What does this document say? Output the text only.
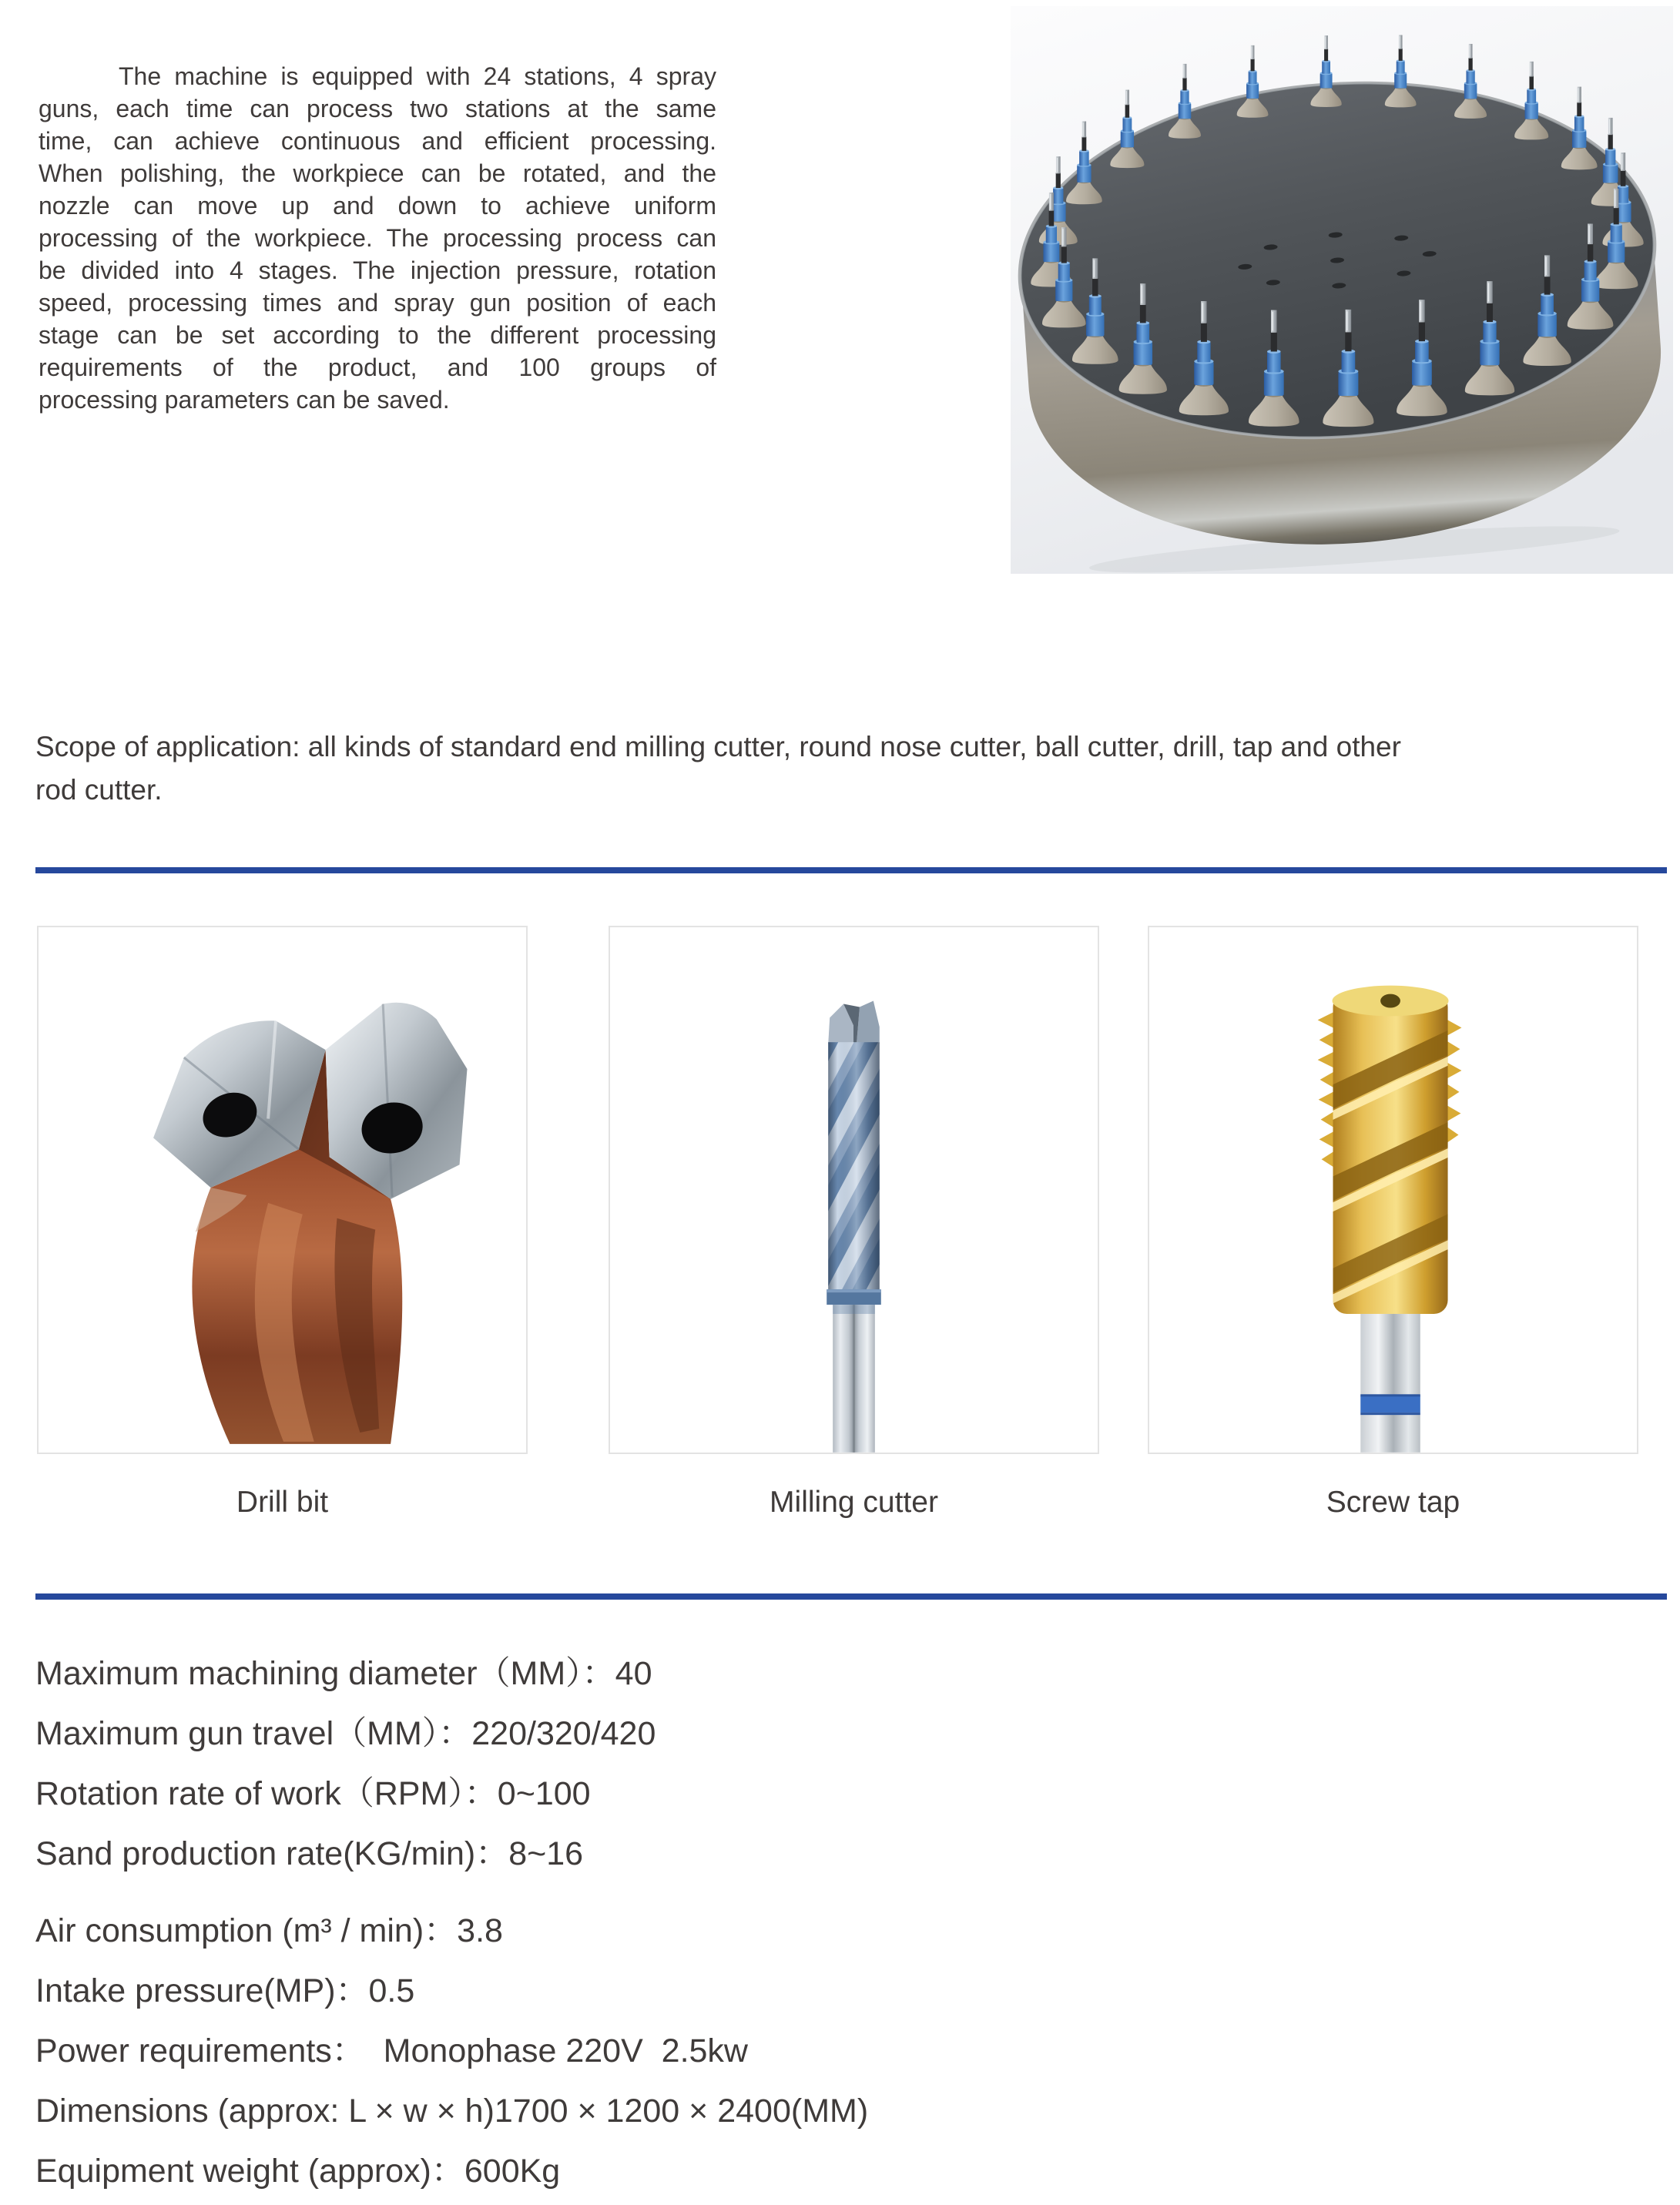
The machine is equipped with 24 stations, 4 spray
guns, each time can process two stations at the same
time, can achieve continuous and efficient processing.
When polishing, the workpiece can be rotated, and the
nozzle can move up and down to achieve uniform
processing of the workpiece. The processing process can
be divided into 4 stages. The injection pressure, rotation
speed, processing times and spray gun position of each
stage can be set according to the different processing
requirements of the product, and 100 groups of
processing parameters can be saved.
Scope of application: all kinds of standard end milling cutter, round nose cutter, ball cutter, drill, tap and other
rod cutter.
Drill bit	Milling cutter	Screw tap
Maximum machining diameter（MM）：40
Maximum gun travel（MM）：220/320/420
Rotation rate of work（RPM）：0~100
Sand production rate(KG/min)：8~16
Air consumption (m³ / min)：3.8
Intake pressure(MP)：0.5
Power requirements：  Monophase 220V  2.5kw
Dimensions (approx: L × w × h)1700 × 1200 × 2400(MM)
Equipment weight (approx)：600Kg
